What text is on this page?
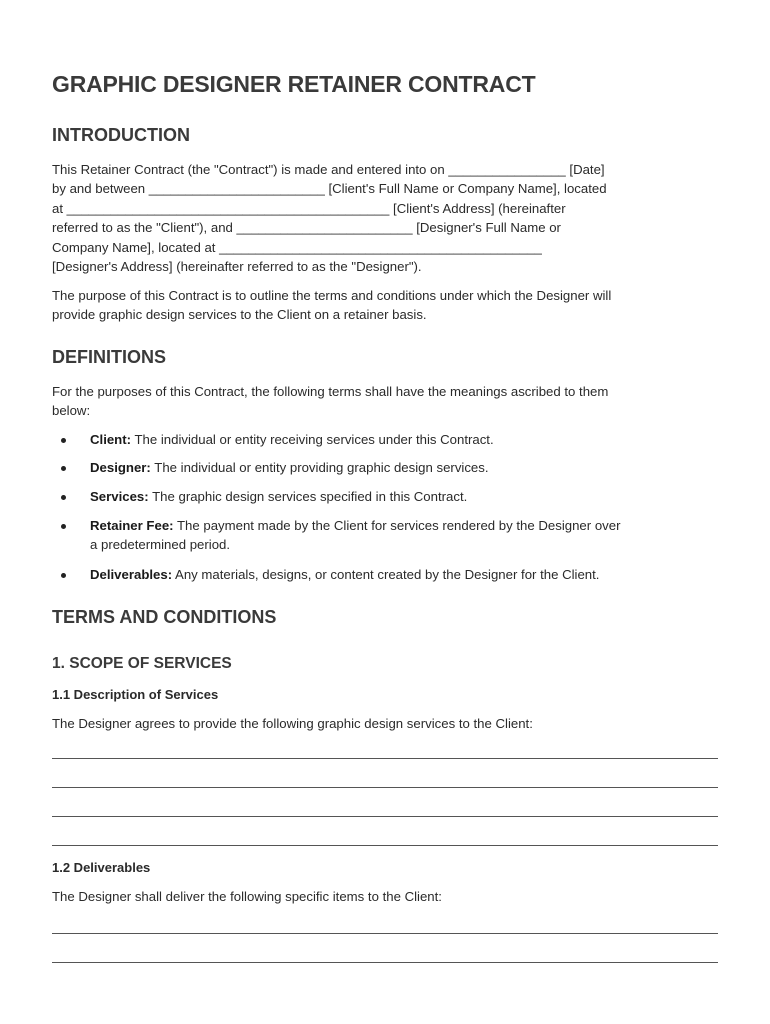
GRAPHIC DESIGNER RETAINER CONTRACT
INTRODUCTION

This Retainer Contract (the "Contract") is made and entered into on ________________ [Date]
by and between ________________________ [Client's Full Name or Company Name], located
at ____________________________________________ [Client's Address] (hereinafter
referred to as the "Client"), and ________________________ [Designer's Full Name or
Company Name], located at ____________________________________________
[Designer's Address] (hereinafter referred to as the "Designer").

The purpose of this Contract is to outline the terms and conditions under which the Designer will
provide graphic design services to the Client on a retainer basis.

DEFINITIONS

For the purposes of this Contract, the following terms shall have the meanings ascribed to them
below:

Client: The individual or entity receiving services under this Contract.
Designer: The individual or entity providing graphic design services.
Services: The graphic design services specified in this Contract.
Retainer Fee: The payment made by the Client for services rendered by the Designer over
a predetermined period.
Deliverables: Any materials, designs, or content created by the Designer for the Client.
TERMS AND CONDITIONS
1. SCOPE OF SERVICES
1.1 Description of Services

The Designer agrees to provide the following graphic design services to the Client:

1.2 Deliverables

The Designer shall deliver the following specific items to the Client:
